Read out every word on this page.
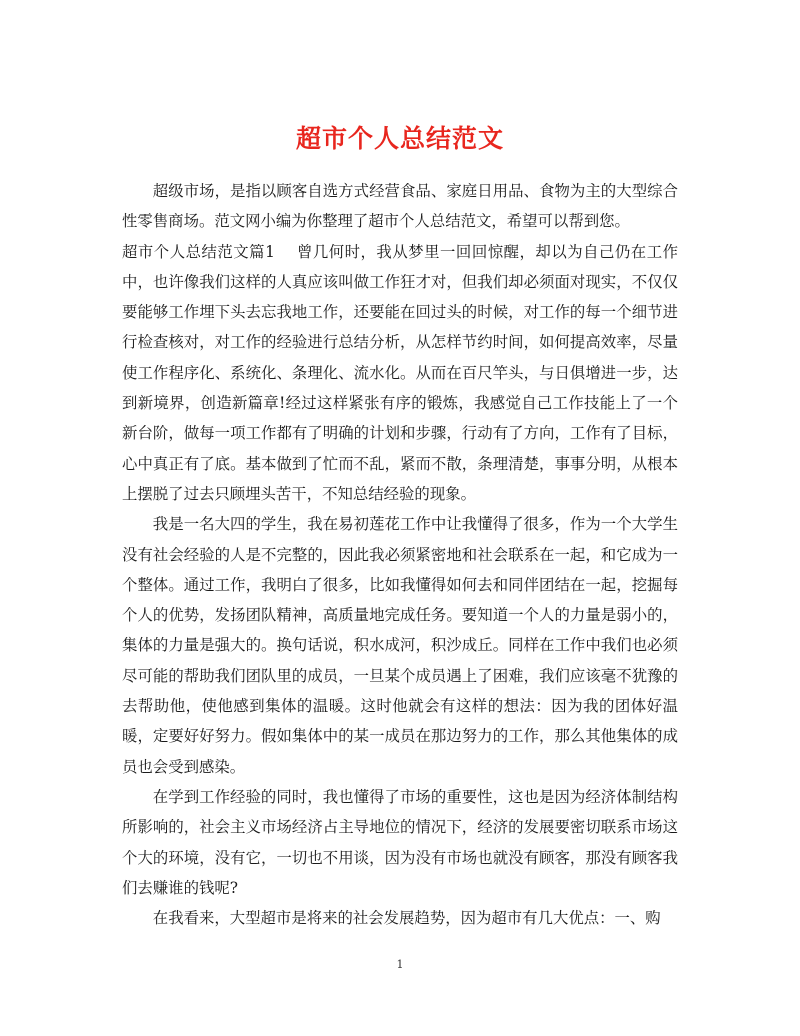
超市个人总结范文

超级市场，是指以顾客自选方式经营食品、家庭日用品、食物为主的大型综合性零售商场。范文网小编为你整理了超市个人总结范文，希望可以帮到您。

超市个人总结范文篇1 曾几何时，我从梦里一回回惊醒，却以为自己仍在工作中，也许像我们这样的人真应该叫做工作狂才对，但我们却必须面对现实，不仅仅要能够工作埋下头去忘我地工作，还要能在回过头的时候，对工作的每一个细节进行检查核对，对工作的经验进行总结分析，从怎样节约时间，如何提高效率，尽量使工作程序化、系统化、条理化、流水化。从而在百尺竿头，与日俱增进一步，达到新境界，创造新篇章!经过这样紧张有序的锻炼，我感觉自己工作技能上了一个新台阶，做每一项工作都有了明确的计划和步骤，行动有了方向，工作有了目标，心中真正有了底。基本做到了忙而不乱，紧而不散，条理清楚，事事分明，从根本上摆脱了过去只顾埋头苦干，不知总结经验的现象。

我是一名大四的学生，我在易初莲花工作中让我懂得了很多，作为一个大学生没有社会经验的人是不完整的，因此我必须紧密地和社会联系在一起，和它成为一个整体。通过工作，我明白了很多，比如我懂得如何去和同伴团结在一起，挖掘每个人的优势，发扬团队精神，高质量地完成任务。要知道一个人的力量是弱小的，集体的力量是强大的。换句话说，积水成河，积沙成丘。同样在工作中我们也必须尽可能的帮助我们团队里的成员，一旦某个成员遇上了困难，我们应该毫不犹豫的去帮助他，使他感到集体的温暖。这时他就会有这样的想法：因为我的团体好温暖，定要好好努力。假如集体中的某一成员在那边努力的工作，那么其他集体的成员也会受到感染。

在学到工作经验的同时，我也懂得了市场的重要性，这也是因为经济体制结构所影响的，社会主义市场经济占主导地位的情况下，经济的发展要密切联系市场这个大的环境，没有它，一切也不用谈，因为没有市场也就没有顾客，那没有顾客我们去赚谁的钱呢?

在我看来，大型超市是将来的社会发展趋势，因为超市有几大优点：一、购

1
